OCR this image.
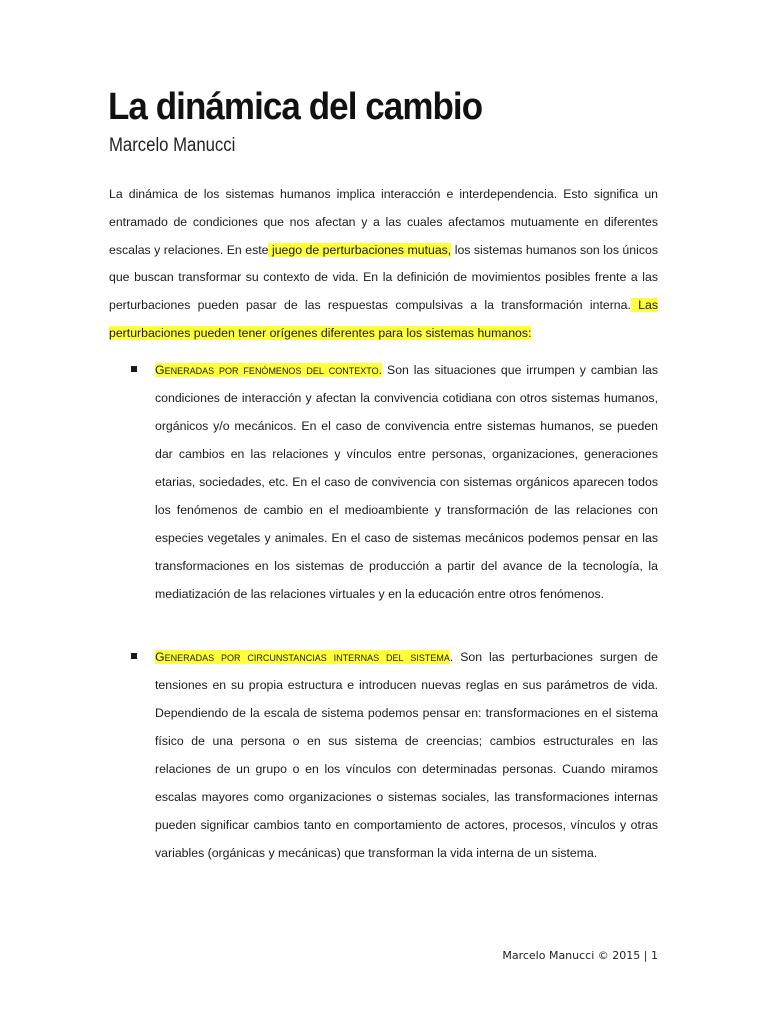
La dinámica del cambio

Marcelo Manucci

La dinámica de los sistemas humanos implica interacción e interdependencia. Esto significa un entramado de condiciones que nos afectan y a las cuales afectamos mutuamente en diferentes escalas y relaciones. En este juego de perturbaciones mutuas, los sistemas humanos son los únicos que buscan transformar su contexto de vida. En la definición de movimientos posibles frente a las perturbaciones pueden pasar de las respuestas compulsivas a la transformación interna. Las perturbaciones pueden tener orígenes diferentes para los sistemas humanos:

Generadas por fenómenos del contexto. Son las situaciones que irrumpen y cambian las condiciones de interacción y afectan la convivencia cotidiana con otros sistemas humanos, orgánicos y/o mecánicos. En el caso de convivencia entre sistemas humanos, se pueden dar cambios en las relaciones y vínculos entre personas, organizaciones, generaciones etarias, sociedades, etc. En el caso de convivencia con sistemas orgánicos aparecen todos los fenómenos de cambio en el medioambiente y transformación de las relaciones con especies vegetales y animales. En el caso de sistemas mecánicos podemos pensar en las transformaciones en los sistemas de producción a partir del avance de la tecnología, la mediatización de las relaciones virtuales y en la educación entre otros fenómenos.
Generadas por circunstancias internas del sistema. Son las perturbaciones surgen de tensiones en su propia estructura e introducen nuevas reglas en sus parámetros de vida. Dependiendo de la escala de sistema podemos pensar en: transformaciones en el sistema físico de una persona o en sus sistema de creencias; cambios estructurales en las relaciones de un grupo o en los vínculos con determinadas personas. Cuando miramos escalas mayores como organizaciones o sistemas sociales, las transformaciones internas pueden significar cambios tanto en comportamiento de actores, procesos, vínculos y otras variables (orgánicas y mecánicas) que transforman la vida interna de un sistema.
Marcelo Manucci © 2015 | 1
